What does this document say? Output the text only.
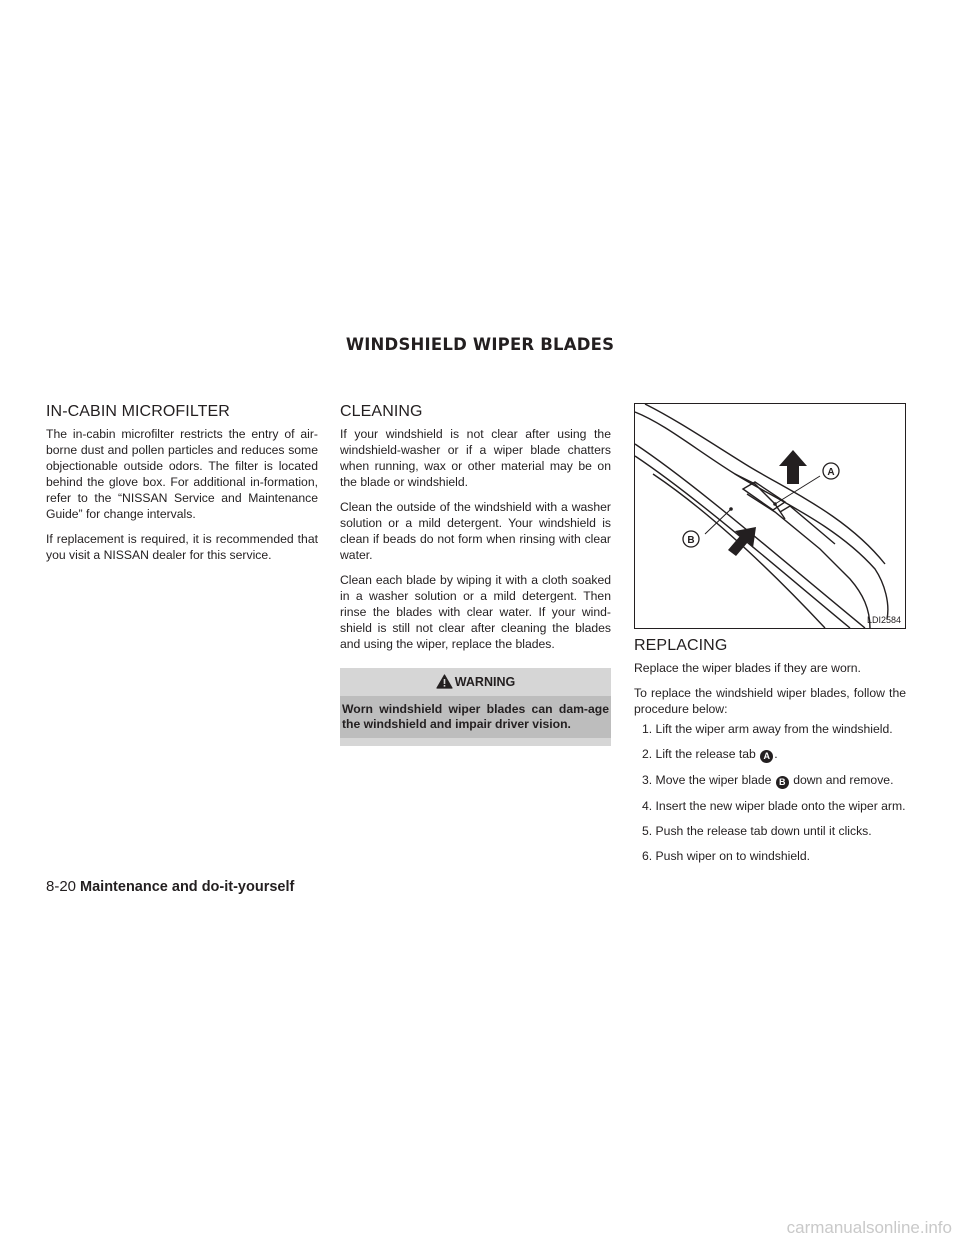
WINDSHIELD WIPER BLADES
IN-CABIN MICROFILTER

The in-cabin microfilter restricts the entry of air-borne dust and pollen particles and reduces some objectionable outside odors. The filter is located behind the glove box. For additional in-formation, refer to the “NISSAN Service and Maintenance Guide” for change intervals.

If replacement is required, it is recommended that you visit a NISSAN dealer for this service.

CLEANING

If your windshield is not clear after using the windshield-washer or if a wiper blade chatters when running, wax or other material may be on the blade or windshield.

Clean the outside of the windshield with a washer solution or a mild detergent. Your windshield is clean if beads do not form when rinsing with clear water.

Clean each blade by wiping it with a cloth soaked in a washer solution or a mild detergent. Then rinse the blades with clear water. If your wind-shield is still not clear after cleaning the blades and using the wiper, replace the blades.

WARNING

Worn windshield wiper blades can dam-age the windshield and impair driver vision.

A
B
LDI2584
REPLACING

Replace the wiper blades if they are worn.

To replace the windshield wiper blades, follow the procedure below:

1. Lift the wiper arm away from the windshield.
2. Lift the release tab A .
3. Move the wiper blade B down and remove.
4. Insert the new wiper blade onto the wiper arm.
5. Push the release tab down until it clicks.
6. Push wiper on to windshield.
8-20 Maintenance and do-it-yourself
carmanualsonline.info
